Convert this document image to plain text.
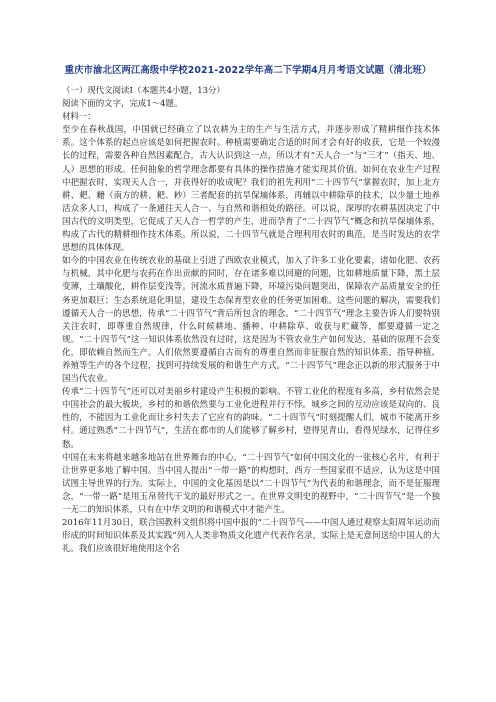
重庆市渝北区两江高级中学校2021-2022学年高二下学期4月月考语文试题（清北班）

（一）现代文阅读Ⅰ（本题共4小题，13分）

阅读下面的文字，完成1～4题。

材料一：

至少在春秋战国，中国就已经确立了以农耕为主的生产与生活方式，并逐步形成了精耕细作技术体系。这个体系的起点应该是如何把握农时。种植需要确定合适的时间才会有好的收获，它是一个较漫长的过程，需要各种自然因素配合，古人认识到这一点，所以才有“天人合一”与“三才”（指天、地、人）思想的形成。任何抽象的哲学理念都要有具体的操作措施才能实现其价值。如何在农业生产过程中把握农时，实现天人合一，并获得好的收成呢？我们的祖先利用“二十四节气”掌握农时，加上北方耕、耙、耱（南方的耕、耙、耖）三者配套的抗旱保墒体系，再辅以中耕除草的技术，以少量土地养活众多人口，构成了一条通往天人合一、与自然和谐相处的路径。可以说，深厚的农耕基因决定了中国古代的文明类型，它促成了天人合一哲学的产生，进而孕育了“二十四节气”概念和抗旱保墒体系，构成了古代的精耕细作技术体系。所以说，二十四节气就是合理利用农时的典范，是当时发达的农学思想的具体体现。

如今的中国农业在传统农业的基础上引进了西欧农业模式，加入了许多工业化要素，诸如化肥、农药与机械，其中化肥与农药在作出贡献的同时，存在诸多难以回避的问题，比如耕地质量下降，黑土层变薄，土壤酸化，耕作层变浅等。河流水质普遍下降，环境污染问题突出，保障农产品质量安全的任务更加艰巨；生态系统退化明显，建设生态保育型农业的任务更加困难。这些问题的解决，需要我们遵循天人合一的思想，传承“二十四节气”背后所包含的理念。“二十四节气”理念主要告诉人们要特别关注农时，即尊重自然规律，什么时候耕地、播种、中耕除草、收获与贮藏等，都要遵循一定之规。“二十四节气”这一知识体系依然没有过时，这是因为不管农业生产如何发达，基础的原理不会变化，即依赖自然而生产。人们依然要遵循自古而有的尊重自然而非征服自然的知识体系，指导种植、养殖等生产的各个过程，找到可持续发展的和谐生产方式。“二十四节气”理念正以新的形式服务于中国当代农业。

传承“二十四节气”还可以对美丽乡村建设产生积极的影响。不管工业化的程度有多高，乡村依然会是中国社会的最大板块，乡村的和谐依然要与工业化进程并行不悖。城乡之间的互动应该是双向的、良性的，不能因为工业化而让乡村失去了它应有的韵味。“二十四节气”时刻提醒人们，城市不能离开乡村。通过熟悉“二十四节气”，生活在都市的人们能够了解乡村，望得见青山，看得见绿水，记得住乡愁。

中国在未来将越来越多地站在世界舞台的中心，“二十四节气”如何中国文化的一张核心名片，有利于让世界更多地了解中国。当中国人提出“一带一路”的构想时，西方一些国家很不适应，认为这是中国试图主导世界的行为。实际上，中国的文化基因是以“二十四节气”为代表的和谐理念，而不是征服理念，“一带一路”是用玉帛替代干戈的最好形式之一。在世界文明史的视野中，“二十四节气”是一个独一无二的知识体系，只有在中华文明的和谐模式中才能产生。

2016年11月30日，联合国教科文组织将中国申报的“二十四节气——中国人通过观察太阳周年运动而形成的时间知识体系及其实践”列入人类非物质文化遗产代表作名录，实际上是无意间送给中国人的大礼。我们应该很好地使用这个名
